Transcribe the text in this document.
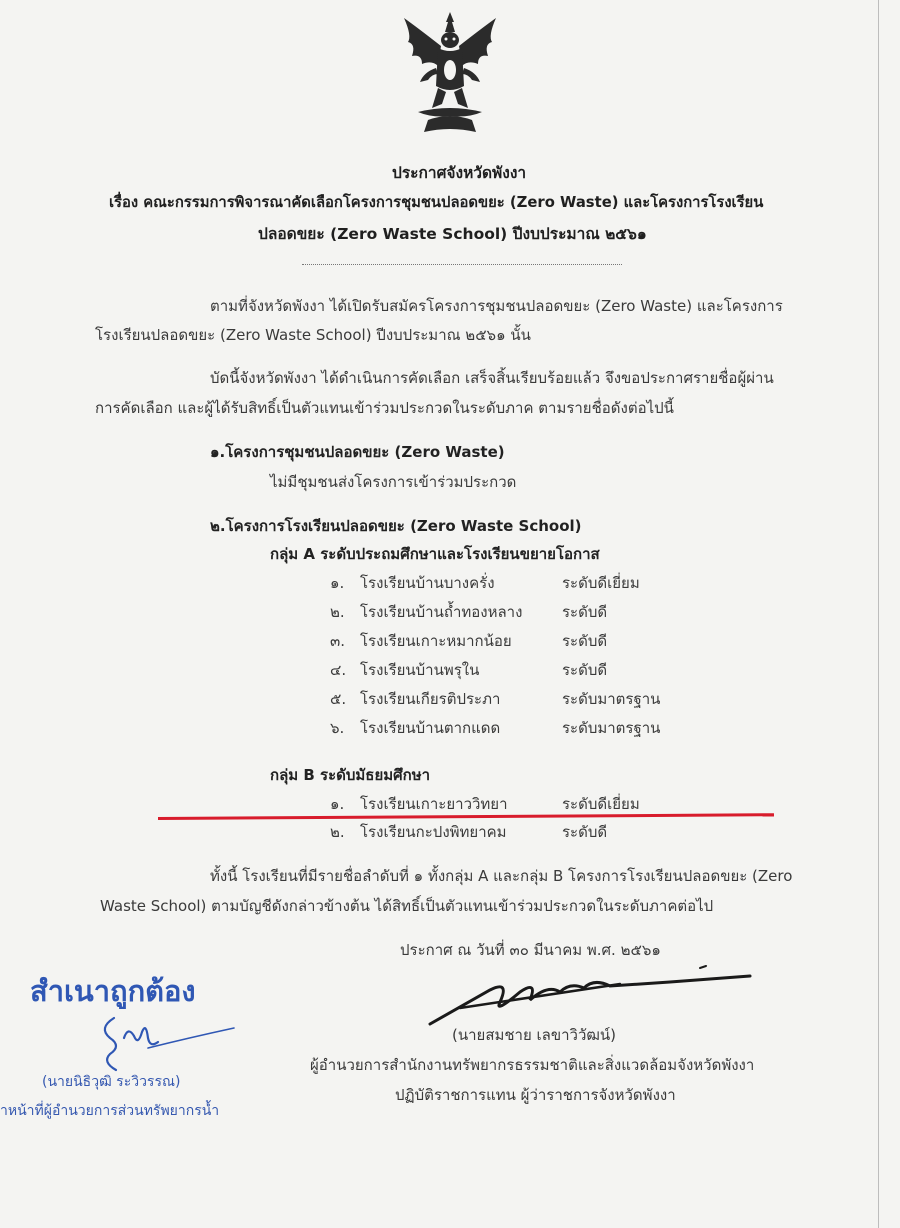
ประกาศจังหวัดพังงา
เรื่อง คณะกรรมการพิจารณาคัดเลือกโครงการชุมชนปลอดขยะ (Zero Waste) และโครงการโรงเรียน
ปลอดขยะ (Zero Waste School) ปีงบประมาณ ๒๕๖๑
ตามที่จังหวัดพังงา ได้เปิดรับสมัครโครงการชุมชนปลอดขยะ (Zero Waste) และโครงการ
โรงเรียนปลอดขยะ (Zero Waste School) ปีงบประมาณ ๒๕๖๑ นั้น
บัดนี้จังหวัดพังงา ได้ดำเนินการคัดเลือก เสร็จสิ้นเรียบร้อยแล้ว จึงขอประกาศรายชื่อผู้ผ่าน
การคัดเลือก และผู้ได้รับสิทธิ์เป็นตัวแทนเข้าร่วมประกวดในระดับภาค ตามรายชื่อดังต่อไปนี้
๑.โครงการชุมชนปลอดขยะ (Zero Waste)
ไม่มีชุมชนส่งโครงการเข้าร่วมประกวด
๒.โครงการโรงเรียนปลอดขยะ (Zero Waste School)
กลุ่ม A ระดับประถมศึกษาและโรงเรียนขยายโอกาส
๑. โรงเรียนบ้านบางครั่ง	ระดับดีเยี่ยม
๒. โรงเรียนบ้านถ้ำทองหลาง	ระดับดี
๓. โรงเรียนเกาะหมากน้อย	ระดับดี
๔. โรงเรียนบ้านพรุใน	ระดับดี
๕. โรงเรียนเกียรติประภา	ระดับมาตรฐาน
๖. โรงเรียนบ้านตากแดด	ระดับมาตรฐาน
กลุ่ม B ระดับมัธยมศึกษา
๑. โรงเรียนเกาะยาววิทยา	ระดับดีเยี่ยม
๒. โรงเรียนกะปงพิทยาคม	ระดับดี
ทั้งนี้ โรงเรียนที่มีรายชื่อลำดับที่ ๑ ทั้งกลุ่ม A และกลุ่ม B โครงการโรงเรียนปลอดขยะ (Zero
Waste School) ตามบัญชีดังกล่าวข้างต้น ได้สิทธิ์เป็นตัวแทนเข้าร่วมประกวดในระดับภาคต่อไป
ประกาศ ณ วันที่ ๓๐ มีนาคม พ.ศ. ๒๕๖๑
(นายสมชาย เลขาวิวัฒน์)
ผู้อำนวยการสำนักงานทรัพยากรธรรมชาติและสิ่งแวดล้อมจังหวัดพังงา
ปฏิบัติราชการแทน ผู้ว่าราชการจังหวัดพังงา
สำเนาถูกต้อง
(นายนิธิวุฒิ ระวิวรรณ)
าหน้าที่ผู้อำนวยการส่วนทรัพยากรน้ำ
